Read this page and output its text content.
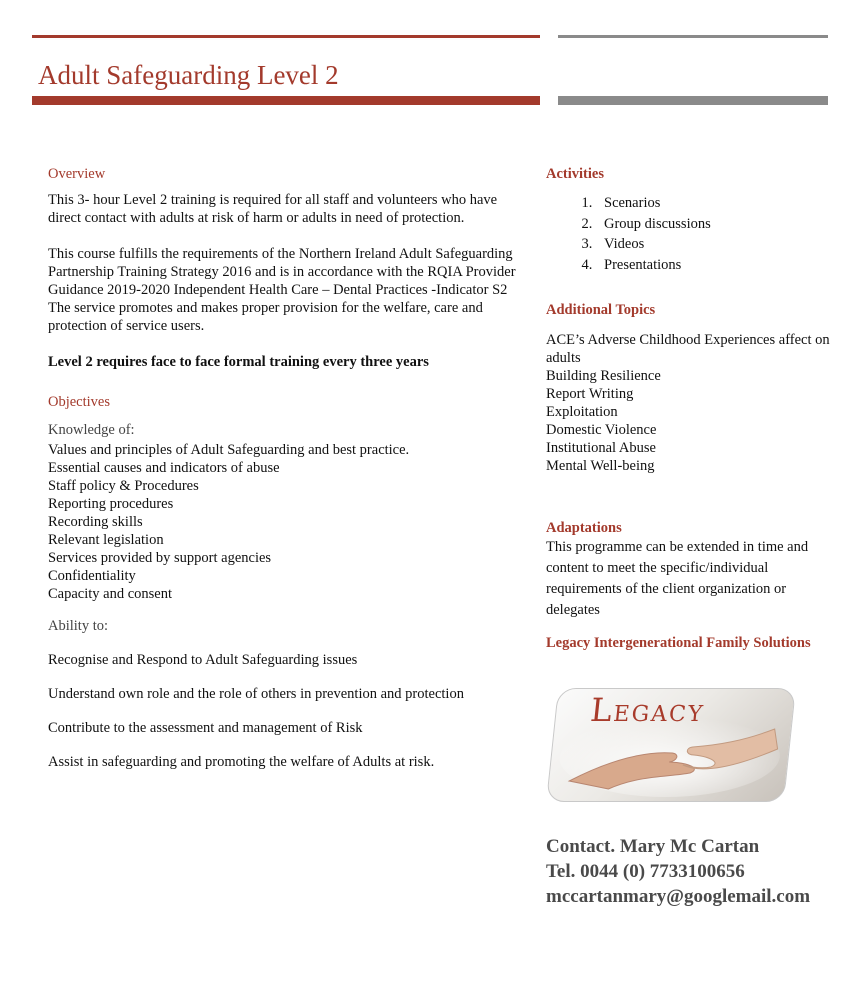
Adult Safeguarding Level 2
Overview

This 3- hour Level 2 training is required for all staff and volunteers who have direct contact with adults at risk of harm or adults in need of protection.

This course fulfills the requirements of the Northern Ireland Adult Safeguarding Partnership Training Strategy 2016 and is in accordance with the RQIA Provider Guidance 2019-2020 Independent Health Care – Dental Practices -Indicator S2 The service promotes and makes proper provision for the welfare, care and protection of service users.

Level 2 requires face to face formal training every three years

Objectives
Knowledge of:
Values and principles of Adult Safeguarding and best practice.
Essential causes and indicators of abuse
Staff policy & Procedures
Reporting procedures
Recording skills
Relevant legislation
Services provided by support agencies
Confidentiality
Capacity and consent
Ability to:

Recognise and Respond to Adult Safeguarding issues

Understand own role and the role of others in prevention and protection

Contribute to the assessment and management of Risk

Assist in safeguarding and promoting the welfare of Adults at risk.

Activities
1. Scenarios
2. Group discussions
3. Videos
4. Presentations
Additional Topics
ACE’s Adverse Childhood Experiences affect on adults
Building Resilience
Report Writing
Exploitation
Domestic Violence
Institutional Abuse
Mental Well-being
Adaptations

This programme can be extended in time and content to meet the specific/individual requirements of the client organization or delegates

Legacy Intergenerational Family Solutions
Legacy
Contact. Mary Mc Cartan
Tel. 0044 (0) 7733100656
mccartanmary@googlemail.com
